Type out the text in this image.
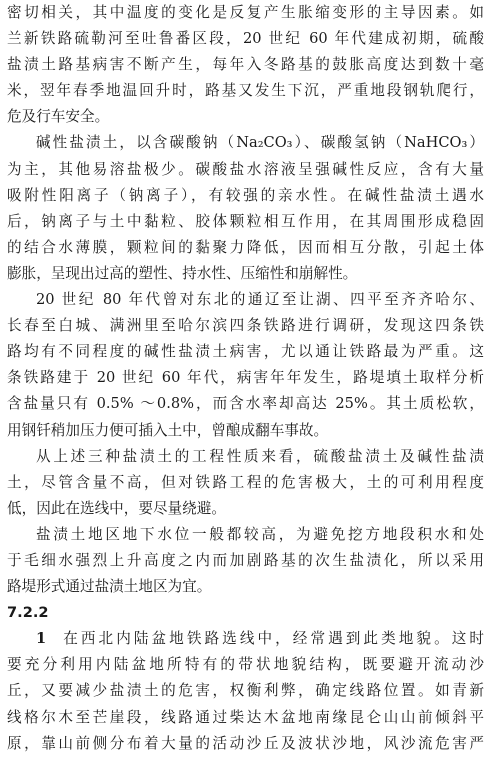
密切相关，其中温度的变化是反复产生胀缩变形的主导因素。如
兰新铁路硫勒河至吐鲁番区段，20 世纪 60 年代建成初期，硫酸
盐渍土路基病害不断产生，每年入冬路基的鼓胀高度达到数十毫
米，翌年春季地温回升时，路基又发生下沉，严重地段钢轨爬行，
危及行车安全。
碱性盐渍土，以含碳酸钠（Na₂CO₃）、碳酸氢钠（NaHCO₃）
为主，其他易溶盐极少。碳酸盐水溶液呈强碱性反应，含有大量
吸附性阳离子（钠离子），有较强的亲水性。在碱性盐渍土遇水
后，钠离子与土中黏粒、胶体颗粒相互作用，在其周围形成稳固
的结合水薄膜，颗粒间的黏聚力降低，因而相互分散，引起土体
膨胀，呈现出过高的塑性、持水性、压缩性和崩解性。
20 世纪 80 年代曾对东北的通辽至让湖、四平至齐齐哈尔、
长春至白城、满洲里至哈尔滨四条铁路进行调研，发现这四条铁
路均有不同程度的碱性盐渍土病害，尤以通让铁路最为严重。这
条铁路建于 20 世纪 60 年代，病害年年发生，路堤填土取样分析
含盐量只有 0.5% ～0.8%，而含水率却高达 25%。其土质松软，
用钢钎稍加压力便可插入土中，曾酿成翻车事故。
从上述三种盐渍土的工程性质来看，硫酸盐渍土及碱性盐渍
土，尽管含量不高，但对铁路工程的危害极大，土的可利用程度
低，因此在选线中，要尽量绕避。
盐渍土地区地下水位一般都较高，为避免挖方地段积水和处
于毛细水强烈上升高度之内而加剧路基的次生盐渍化，所以采用
路堤形式通过盐渍土地区为宜。
7.2.2
1 在西北内陆盆地铁路选线中，经常遇到此类地貌。这时
要充分利用内陆盆地所特有的带状地貌结构，既要避开流动沙
丘，又要减少盐渍土的危害，权衡利弊，确定线路位置。如青新
线格尔木至芒崖段，线路通过柴达木盆地南缘昆仑山山前倾斜平
原，靠山前侧分布着大量的活动沙丘及波状沙地，风沙流危害严
